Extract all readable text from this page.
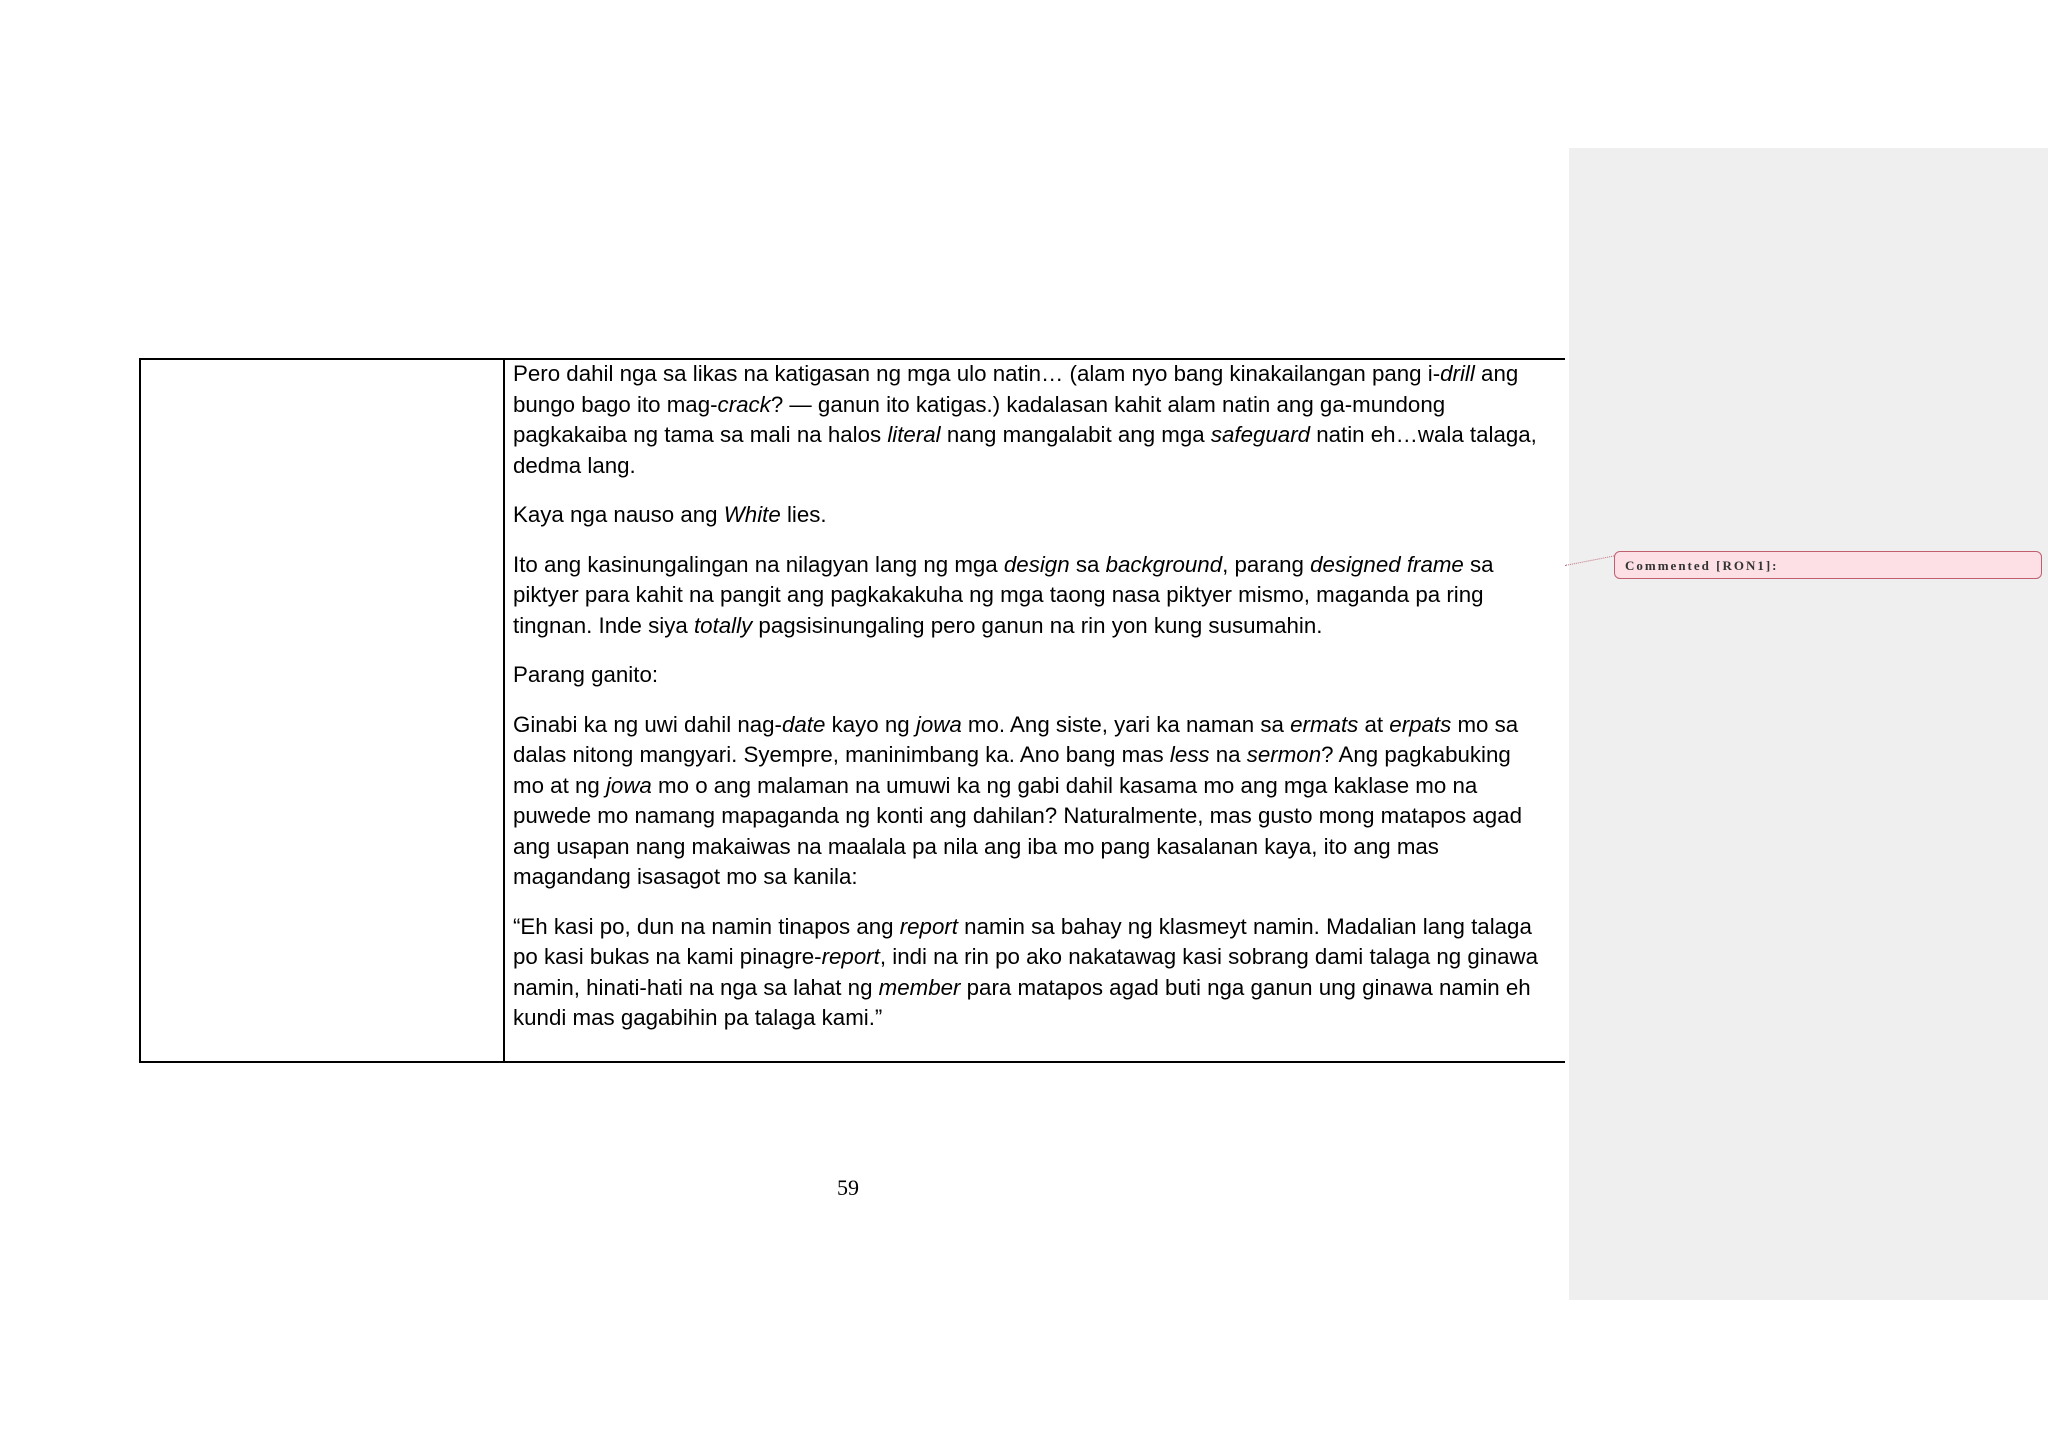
Pero dahil nga sa likas na katigasan ng mga ulo natin… (alam nyo bang kinakailangan pang i-drill ang bungo bago ito mag-crack? — ganun ito katigas.) kadalasan kahit alam natin ang ga-mundong pagkakaiba ng tama sa mali na halos literal nang mangalabit ang mga safeguard natin eh…wala talaga, dedma lang.

Kaya nga nauso ang White lies.

Ito ang kasinungalingan na nilagyan lang ng mga design sa background, parang designed frame sa piktyer para kahit na pangit ang pagkakakuha ng mga taong nasa piktyer mismo, maganda pa ring tingnan. Inde siya totally pagsisinungaling pero ganun na rin yon kung susumahin.

Parang ganito:

Ginabi ka ng uwi dahil nag-date kayo ng jowa mo. Ang siste, yari ka naman sa ermats at erpats mo sa dalas nitong mangyari. Syempre, maninimbang ka. Ano bang mas less na sermon? Ang pagkabuking mo at ng jowa mo o ang malaman na umuwi ka ng gabi dahil kasama mo ang mga kaklase mo na puwede mo namang mapaganda ng konti ang dahilan? Naturalmente, mas gusto mong matapos agad ang usapan nang makaiwas na maalala pa nila ang iba mo pang kasalanan kaya, ito ang mas magandang isasagot mo sa kanila:

“Eh kasi po, dun na namin tinapos ang report namin sa bahay ng klasmeyt namin. Madalian lang talaga po kasi bukas na kami pinagre-report, indi na rin po ako nakatawag kasi sobrang dami talaga ng ginawa namin, hinati-hati na nga sa lahat ng member para matapos agad buti nga ganun ung ginawa namin eh kundi mas gagabihin pa talaga kami.”

Commented [RON1]:
59
